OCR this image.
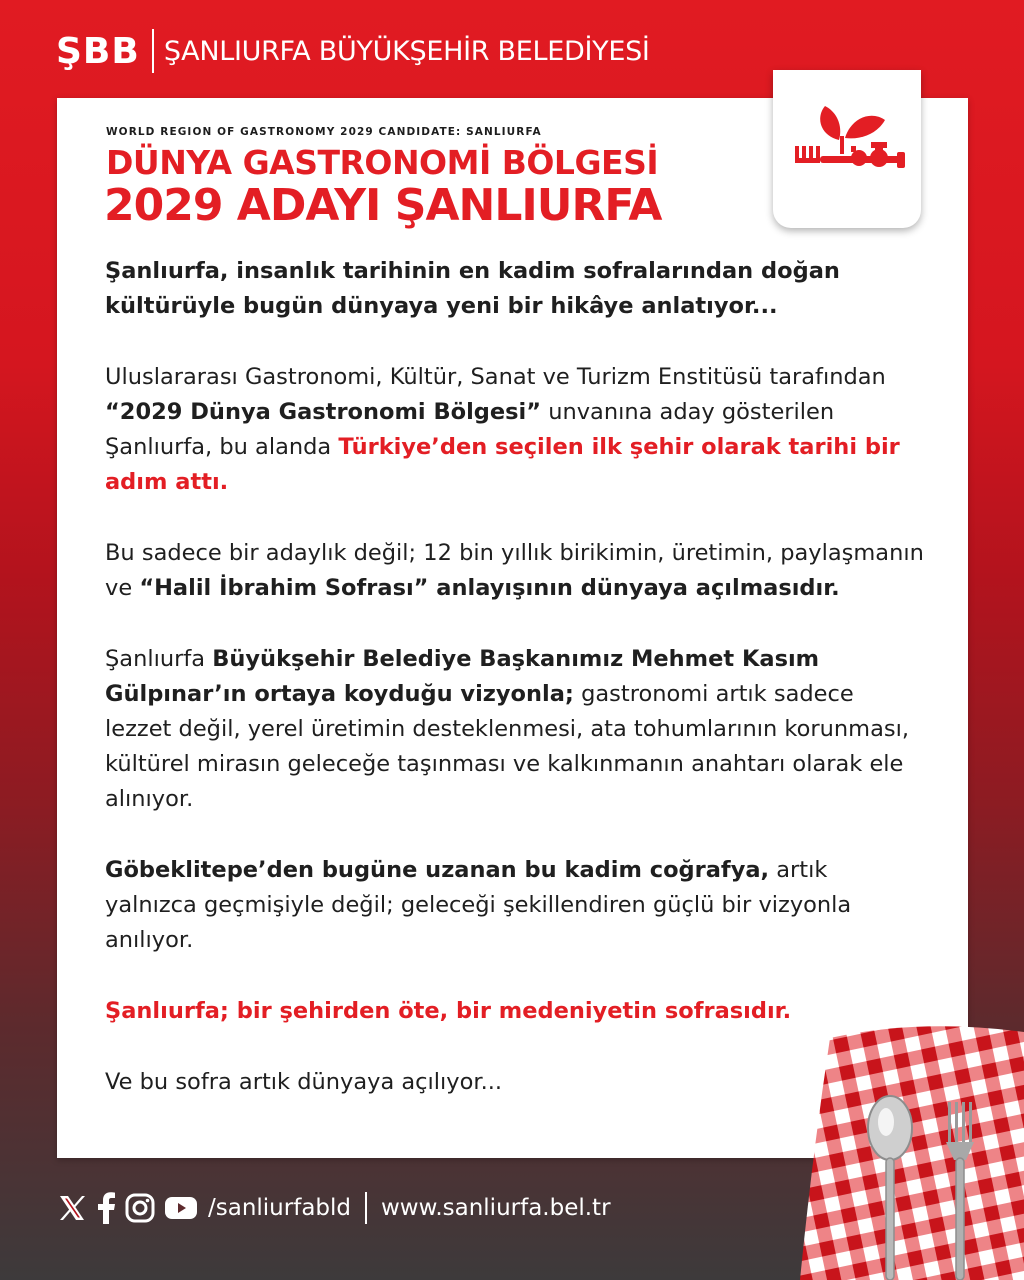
ŞBB ŞANLIURFA BÜYÜKŞEHİR BELEDİYESİ
WORLD REGION OF GASTRONOMY 2029 CANDIDATE: SANLIURFA
DÜNYA GASTRONOMİ BÖLGESİ
2029 ADAYI ŞANLIURFA

Şanlıurfa, insanlık tarihinin en kadim sofralarından doğan kültürüyle bugün dünyaya yeni bir hikâye anlatıyor...

Uluslararası Gastronomi, Kültür, Sanat ve Turizm Enstitüsü tarafından “2029 Dünya Gastronomi Bölgesi” unvanına aday gösterilen Şanlıurfa, bu alanda Türkiye’den seçilen ilk şehir olarak tarihi bir adım attı.

Bu sadece bir adaylık değil; 12 bin yıllık birikimin, üretimin, paylaşmanın ve “Halil İbrahim Sofrası” anlayışının dünyaya açılmasıdır.

Şanlıurfa Büyükşehir Belediye Başkanımız Mehmet Kasım Gülpınar’ın ortaya koyduğu vizyonla; gastronomi artık sadece lezzet değil, yerel üretimin desteklenmesi, ata tohumlarının korunması, kültürel mirasın geleceğe taşınması ve kalkınmanın anahtarı olarak ele alınıyor.

Göbeklitepe’den bugüne uzanan bu kadim coğrafya, artık yalnızca geçmişiyle değil; geleceği şekillendiren güçlü bir vizyonla anılıyor.

Şanlıurfa; bir şehirden öte, bir medeniyetin sofrasıdır.

Ve bu sofra artık dünyaya açılıyor...

/sanliurfabld www.sanliurfa.bel.tr
